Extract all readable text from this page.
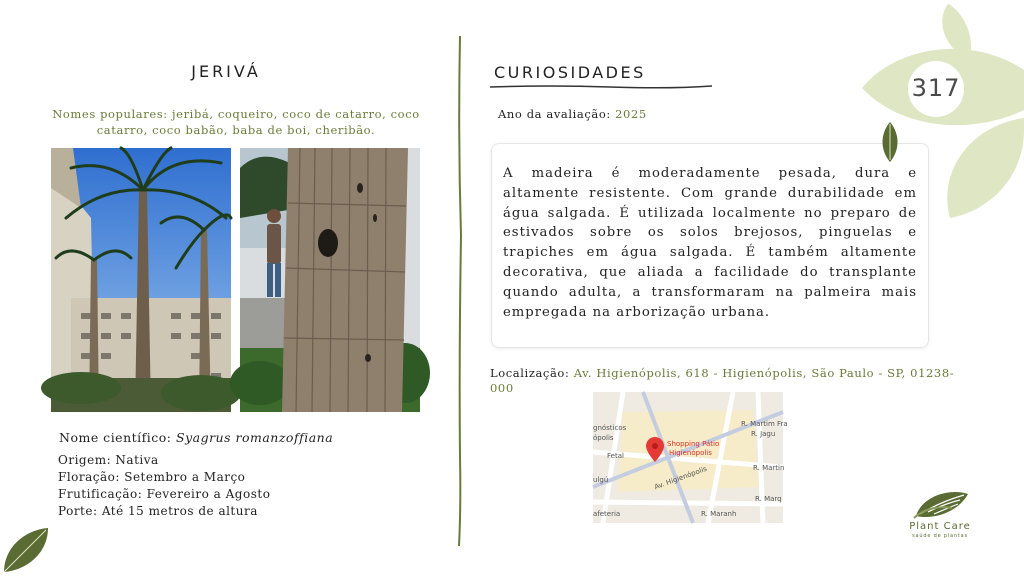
JERIVÁ
Nomes populares: jeribá, coqueiro, coco de catarro, coco catarro, coco babão, baba de boi, cheribão.
Nome científico: Syagrus romanzoffiana
Origem: Nativa
Floração: Setembro a Março
Frutificação: Fevereiro a Agosto
Porte: Até 15 metros de altura
CURIOSIDADES
Ano da avaliação: 2025
A madeira é moderadamente pesada, dura e altamente resistente. Com grande durabilidade em água salgada. É utilizada localmente no preparo de estivados sobre os solos brejosos, pinguelas e trapiches em água salgada. É também altamente decorativa, que aliada a facilidade do transplante quando adulta, a transformaram na palmeira mais empregada na arborização urbana.
Localização: Av. Higienópolis, 618 - Higienópolis, São Paulo - SP, 01238-000
Shopping Pátio
Higienópolis
R. Martim Fra
R. Jagu
R. Martin
Av. Higienópolis
R. Marq
R. Maranh
gnósticos
ópolis
afeteria
Fetal
ulgú
317
Plant Care
saúde de plantas
